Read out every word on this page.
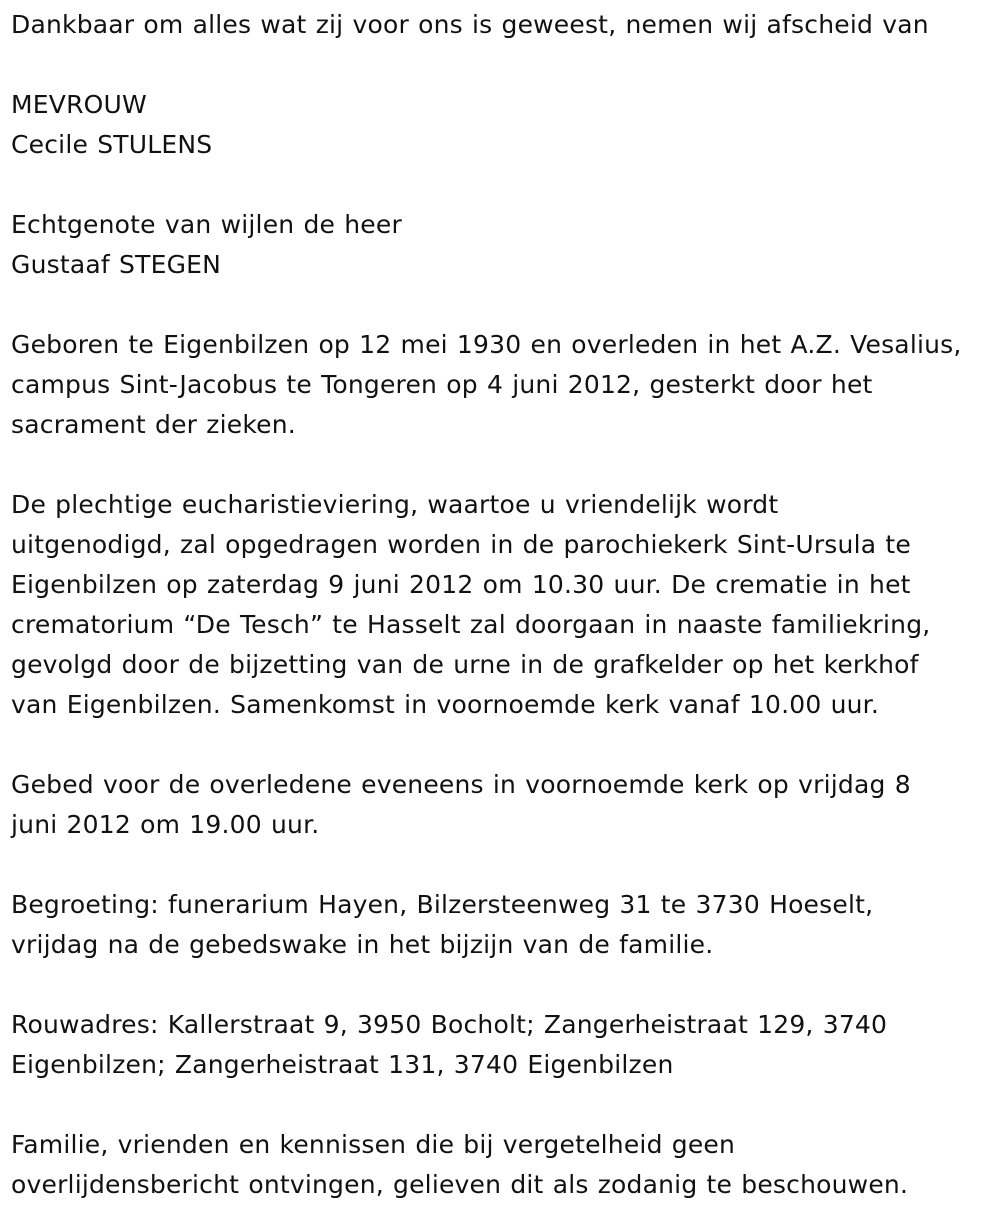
Dankbaar om alles wat zij voor ons is geweest, nemen wij afscheid van

MEVROUW
Cecile STULENS

Echtgenote van wijlen de heer
Gustaaf STEGEN

Geboren te Eigenbilzen op 12 mei 1930 en overleden in het A.Z. Vesalius,
campus Sint-Jacobus te Tongeren op 4 juni 2012, gesterkt door het
sacrament der zieken.

De plechtige eucharistieviering, waartoe u vriendelijk wordt
uitgenodigd, zal opgedragen worden in de parochiekerk Sint-Ursula te
Eigenbilzen op zaterdag 9 juni 2012 om 10.30 uur. De crematie in het
crematorium “De Tesch” te Hasselt zal doorgaan in naaste familiekring,
gevolgd door de bijzetting van de urne in de grafkelder op het kerkhof
van Eigenbilzen. Samenkomst in voornoemde kerk vanaf 10.00 uur.

Gebed voor de overledene eveneens in voornoemde kerk op vrijdag 8
juni 2012 om 19.00 uur.

Begroeting: funerarium Hayen, Bilzersteenweg 31 te 3730 Hoeselt,
vrijdag na de gebedswake in het bijzijn van de familie.

Rouwadres: Kallerstraat 9, 3950 Bocholt; Zangerheistraat 129, 3740
Eigenbilzen; Zangerheistraat 131, 3740 Eigenbilzen

Familie, vrienden en kennissen die bij vergetelheid geen
overlijdensbericht ontvingen, gelieven dit als zodanig te beschouwen.
